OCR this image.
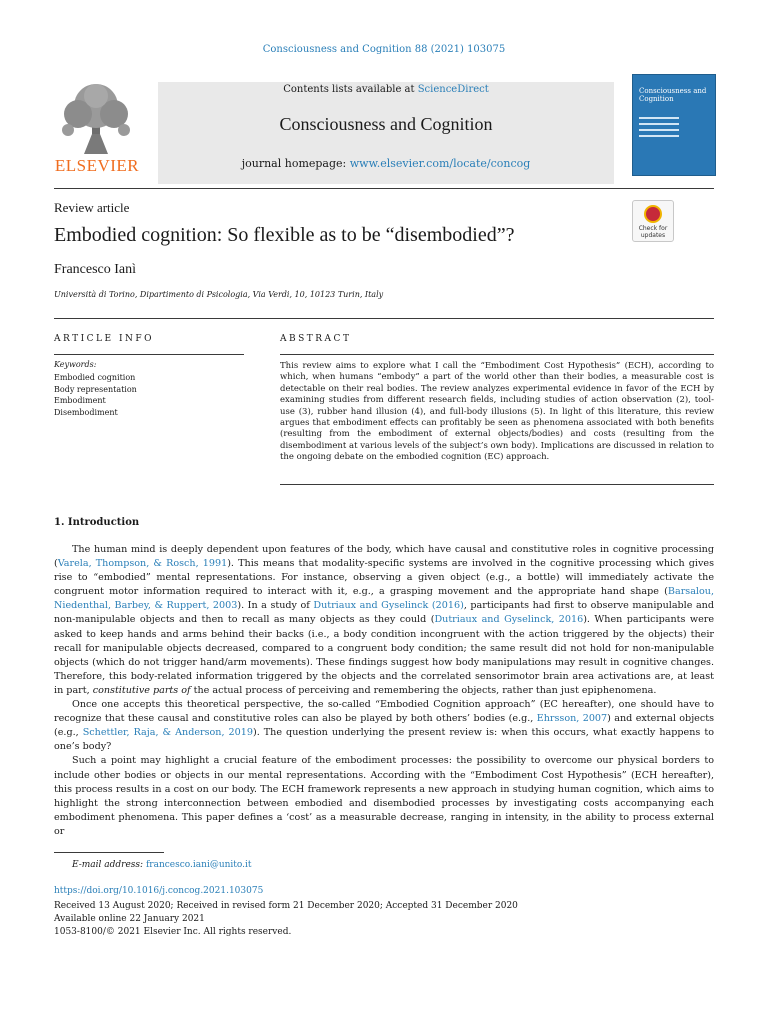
Consciousness and Cognition 88 (2021) 103075
ELSEVIER
Contents lists available at ScienceDirect
Consciousness and Cognition
journal homepage: www.elsevier.com/locate/concog
Consciousness and Cognition
Review article
Embodied cognition: So flexible as to be “disembodied”?	Check for updates
Francesco Ianì
Università di Torino, Dipartimento di Psicologia, Via Verdi, 10, 10123 Turin, Italy
ARTICLE INFO	ABSTRACT
Keywords:
Embodied cognition
Body representation
Embodiment
Disembodiment
This review aims to explore what I call the “Embodiment Cost Hypothesis” (ECH), according to which, when humans “embody” a part of the world other than their bodies, a measurable cost is detectable on their real bodies. The review analyzes experimental evidence in favor of the ECH by examining studies from different research fields, including studies of action observation (2), tool-use (3), rubber hand illusion (4), and full-body illusions (5). In light of this literature, this review argues that embodiment effects can profitably be seen as phenomena associated with both benefits (resulting from the embodiment of external objects/bodies) and costs (resulting from the disembodiment at various levels of the subject’s own body). Implications are discussed in relation to the ongoing debate on the embodied cognition (EC) approach.
1. Introduction

The human mind is deeply dependent upon features of the body, which have causal and constitutive roles in cognitive processing (Varela, Thompson, & Rosch, 1991). This means that modality-specific systems are involved in the cognitive processing which gives rise to “embodied” mental representations. For instance, observing a given object (e.g., a bottle) will immediately activate the congruent motor information required to interact with it, e.g., a grasping movement and the appropriate hand shape (Barsalou, Niedenthal, Barbey, & Ruppert, 2003). In a study of Dutriaux and Gyselinck (2016), participants had first to observe manipulable and non-manipulable objects and then to recall as many objects as they could (Dutriaux and Gyselinck, 2016). When participants were asked to keep hands and arms behind their backs (i.e., a body condition incongruent with the action triggered by the objects) their recall for manipulable objects decreased, compared to a congruent body condition; the same result did not hold for non-manipulable objects (which do not trigger hand/arm movements). These findings suggest how body manipulations may result in cognitive changes. Therefore, this body-related information triggered by the objects and the correlated sensorimotor brain area activations are, at least in part, constitutive parts of the actual process of perceiving and remembering the objects, rather than just epiphenomena.

Once one accepts this theoretical perspective, the so-called “Embodied Cognition approach” (EC hereafter), one should have to recognize that these causal and constitutive roles can also be played by both others’ bodies (e.g., Ehrsson, 2007) and external objects (e.g., Schettler, Raja, & Anderson, 2019). The question underlying the present review is: when this occurs, what exactly happens to one’s body?

Such a point may highlight a crucial feature of the embodiment processes: the possibility to overcome our physical borders to include other bodies or objects in our mental representations. According with the “Embodiment Cost Hypothesis” (ECH hereafter), this process results in a cost on our body. The ECH framework represents a new approach in studying human cognition, which aims to highlight the strong interconnection between embodied and disembodied processes by investigating costs accompanying each embodiment phenomena. This paper defines a ‘cost’ as a measurable decrease, ranging in intensity, in the ability to process external or

E-mail address: francesco.iani@unito.it
https://doi.org/10.1016/j.concog.2021.103075
Received 13 August 2020; Received in revised form 21 December 2020; Accepted 31 December 2020
Available online 22 January 2021
1053-8100/© 2021 Elsevier Inc. All rights reserved.
